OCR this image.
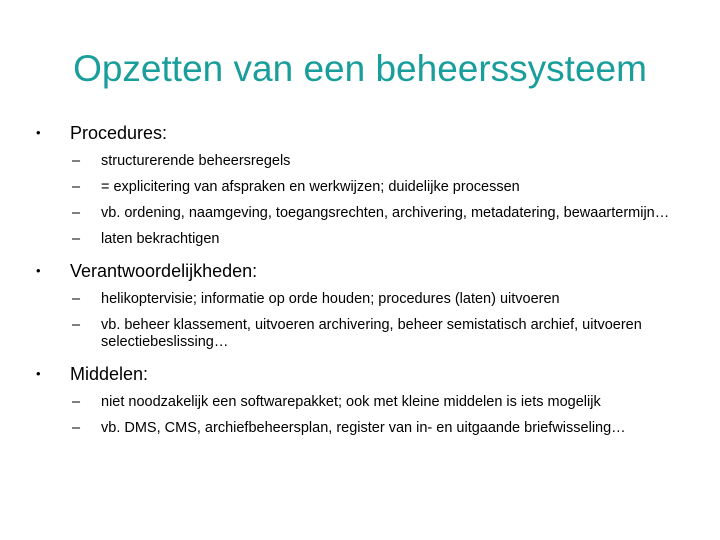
Opzetten van een beheerssysteem
•	Procedures:
–	structurerende beheersregels
–	= explicitering van afspraken en werkwijzen; duidelijke processen
–	vb. ordening, naamgeving, toegangsrechten, archivering, metadatering, bewaartermijn…
–	laten bekrachtigen
•	Verantwoordelijkheden:
–	helikoptervisie; informatie op orde houden; procedures (laten) uitvoeren
–	vb. beheer klassement, uitvoeren archivering, beheer semistatisch archief, uitvoeren selectiebeslissing…
•	Middelen:
–	niet noodzakelijk een softwarepakket; ook met kleine middelen is iets mogelijk
–	vb. DMS, CMS, archiefbeheersplan, register van in- en uitgaande briefwisseling…
